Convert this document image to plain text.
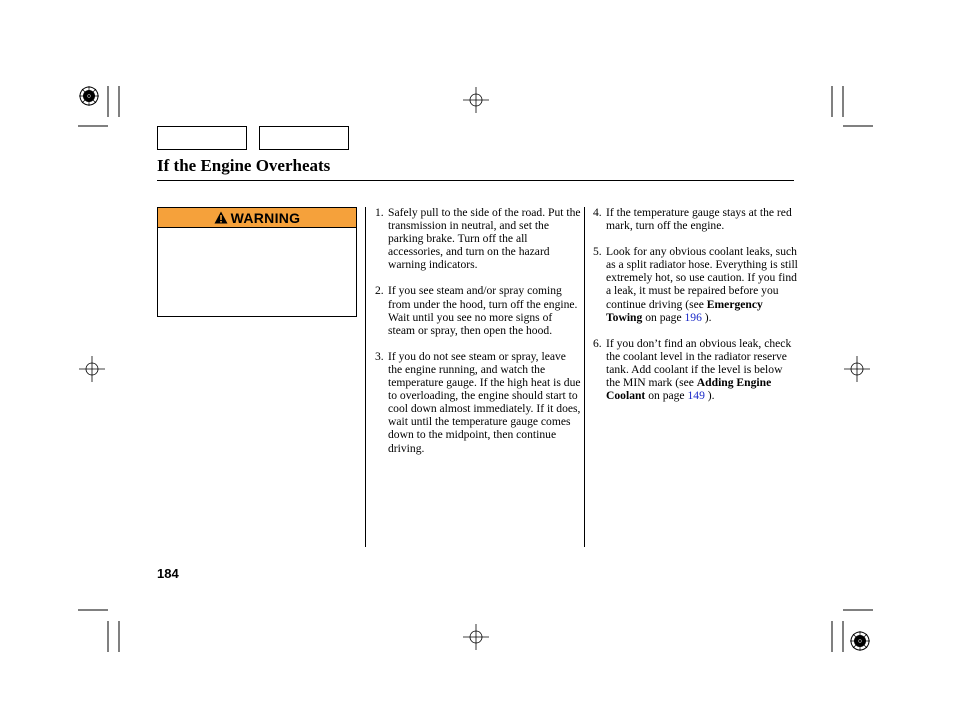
If the Engine Overheats
WARNING	1. Safely pull to the side of the road. Put the transmission in neutral, and set the parking brake. Turn off the all accessories, and turn on the hazard warning indicators.
2. If you see steam and/or spray coming from under the hood, turn off the engine. Wait until you see no more signs of steam or spray, then open the hood.
3. If you do not see steam or spray, leave the engine running, and watch the temperature gauge. If the high heat is due to overloading, the engine should start to cool down almost immediately. If it does, wait until the temperature gauge comes down to the midpoint, then continue driving.
4. If the temperature gauge stays at the red mark, turn off the engine.
5. Look for any obvious coolant leaks, such as a split radiator hose. Everything is still extremely hot, so use caution. If you find a leak, it must be repaired before you continue driving (see Emergency Towing on page 196 ).
6. If you don’t find an obvious leak, check the coolant level in the radiator reserve tank. Add coolant if the level is below the MIN mark (see Adding Engine Coolant on page 149 ).
184
